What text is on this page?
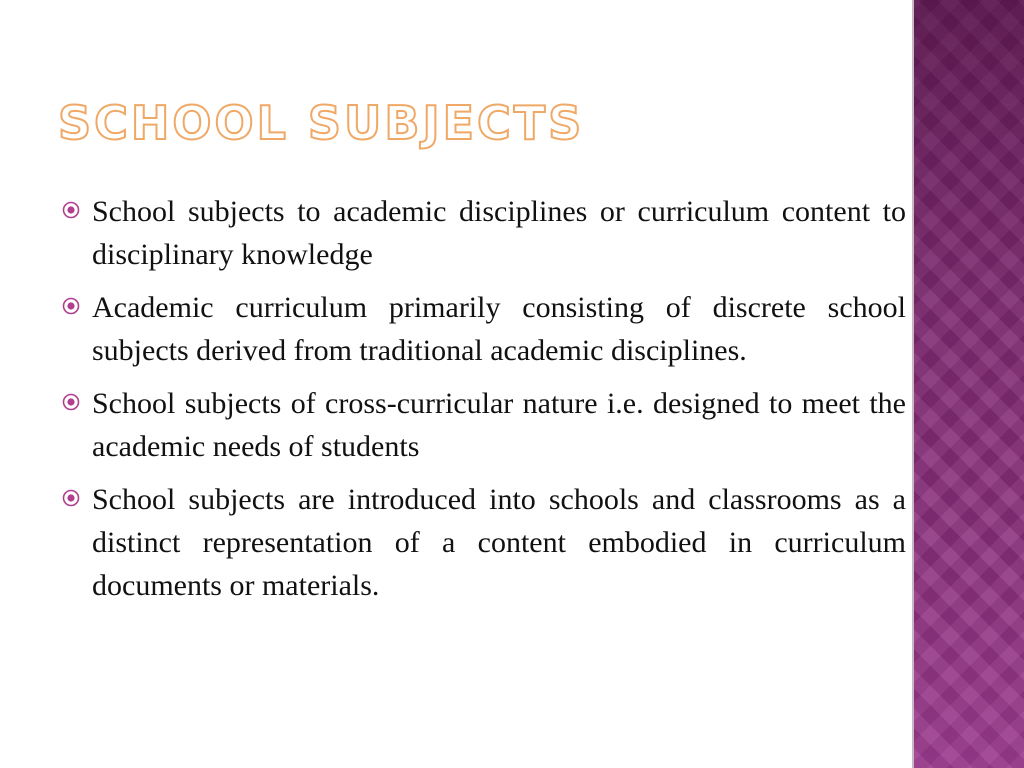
SCHOOL SUBJECTS
School subjects to academic disciplines or curriculum content to disciplinary knowledge
Academic curriculum primarily consisting of discrete school subjects derived from traditional academic disciplines.
School subjects of cross-curricular nature i.e. designed to meet the academic needs of students
School subjects are introduced into schools and classrooms as a distinct representation of a content embodied in curriculum documents or materials.
